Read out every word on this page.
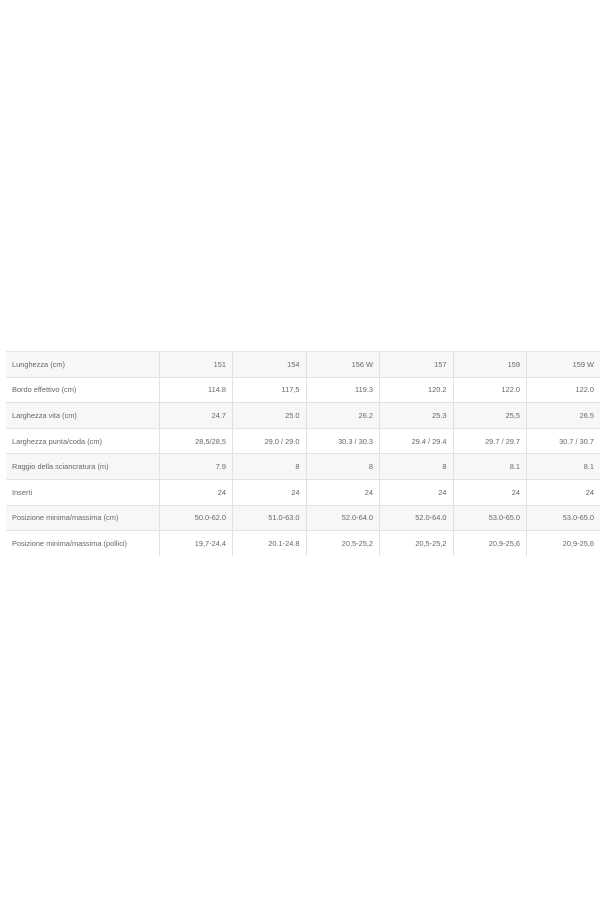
Lunghezza (cm)	151	154	156 W	157	159	159 W
Bordo effettivo (cm)	114.8	117,5	119.3	120.2	122.0	122.0
Larghezza vita (cm)	24.7	25.0	26.2	25.3	25,5	26.5
Larghezza punta/coda (cm)	28,5/28,5	29.0 / 29.0	30.3 / 30.3	29.4 / 29.4	29.7 / 29.7	30.7 / 30.7
Raggio della sciancratura (m)	7.9	8	8	8	8.1	8.1
Inserti	24	24	24	24	24	24
Posizione minima/massima (cm)	50.0-62.0	51.0-63.0	52.0-64.0	52.0-64.0	53.0-65.0	53.0-65.0
Posizione minima/massima (pollici)	19,7-24,4	20.1-24.8	20,5-25,2	20,5-25,2	20,9-25,6	20,9-25,6
